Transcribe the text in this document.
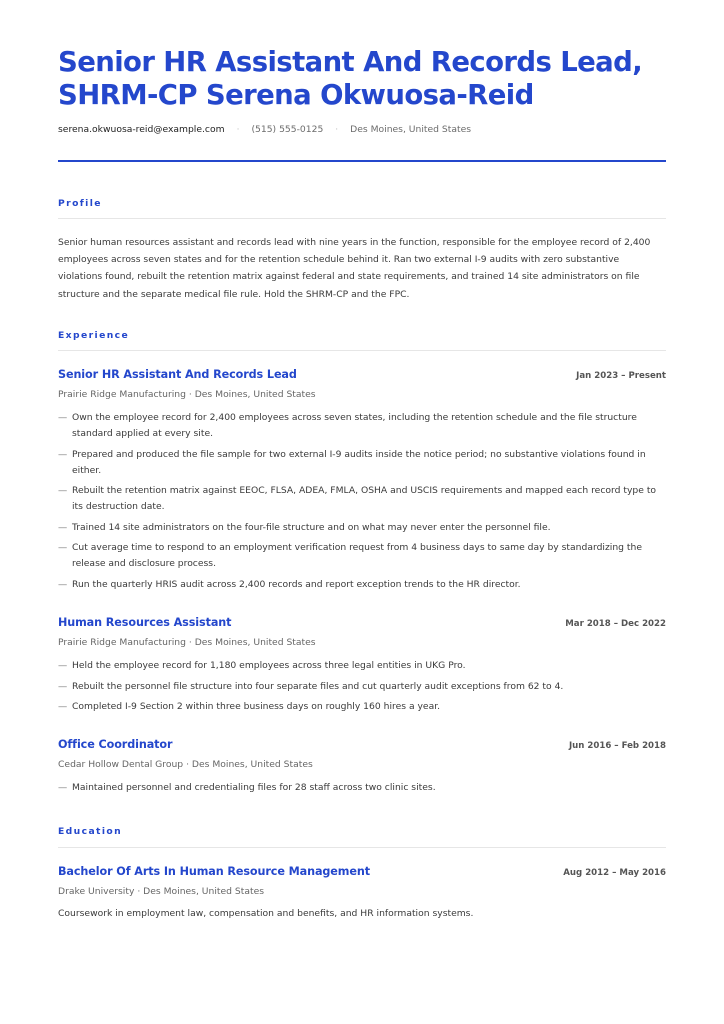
Senior HR Assistant And Records Lead, SHRM-CP Serena Okwuosa-Reid
serena.okwuosa-reid@example.com · (515) 555-0125 · Des Moines, United States
Profile

Senior human resources assistant and records lead with nine years in the function, responsible for the employee record of 2,400 employees across seven states and for the retention schedule behind it. Ran two external I-9 audits with zero substantive violations found, rebuilt the retention matrix against federal and state requirements, and trained 14 site administrators on file structure and the separate medical file rule. Hold the SHRM-CP and the FPC.

Experience
Senior HR Assistant And Records Lead	Jan 2023 – Present
Prairie Ridge Manufacturing · Des Moines, United States
— Own the employee record for 2,400 employees across seven states, including the retention schedule and the file structure standard applied at every site.
— Prepared and produced the file sample for two external I-9 audits inside the notice period; no substantive violations found in either.
— Rebuilt the retention matrix against EEOC, FLSA, ADEA, FMLA, OSHA and USCIS requirements and mapped each record type to its destruction date.
— Trained 14 site administrators on the four-file structure and on what may never enter the personnel file.
— Cut average time to respond to an employment verification request from 4 business days to same day by standardizing the release and disclosure process.
— Run the quarterly HRIS audit across 2,400 records and report exception trends to the HR director.
Human Resources Assistant	Mar 2018 – Dec 2022
Prairie Ridge Manufacturing · Des Moines, United States
— Held the employee record for 1,180 employees across three legal entities in UKG Pro.
— Rebuilt the personnel file structure into four separate files and cut quarterly audit exceptions from 62 to 4.
— Completed I-9 Section 2 within three business days on roughly 160 hires a year.
Office Coordinator	Jun 2016 – Feb 2018
Cedar Hollow Dental Group · Des Moines, United States
— Maintained personnel and credentialing files for 28 staff across two clinic sites.
Education
Bachelor Of Arts In Human Resource Management	Aug 2012 – May 2016
Drake University · Des Moines, United States

Coursework in employment law, compensation and benefits, and HR information systems.
